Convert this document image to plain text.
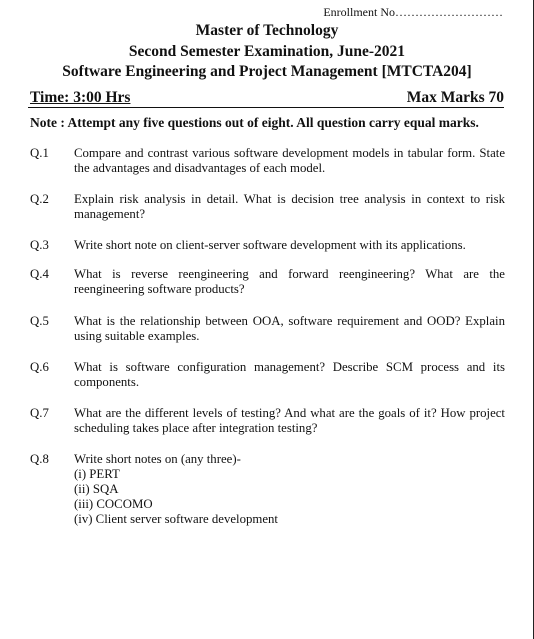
Enrollment No………………………
Master of Technology
Second Semester Examination, June-2021
Software Engineering and Project Management [MTCTA204]
Time: 3:00 Hrs	Max Marks 70
Note : Attempt any five questions out of eight. All question carry equal marks.
Q.1 Compare and contrast various software development models in tabular form. State the advantages and disadvantages of each model.
Q.2 Explain risk analysis in detail. What is decision tree analysis in context to risk management?
Q.3 Write short note on client-server software development with its applications.
Q.4 What is reverse reengineering and forward reengineering? What are the reengineering software products?
Q.5 What is the relationship between OOA, software requirement and OOD? Explain using suitable examples.
Q.6 What is software configuration management? Describe SCM process and its components.
Q.7 What are the different levels of testing? And what are the goals of it? How project scheduling takes place after integration testing?
Q.8 Write short notes on (any three)-
(i) PERT
(ii) SQA
(iii) COCOMO
(iv) Client server software development
